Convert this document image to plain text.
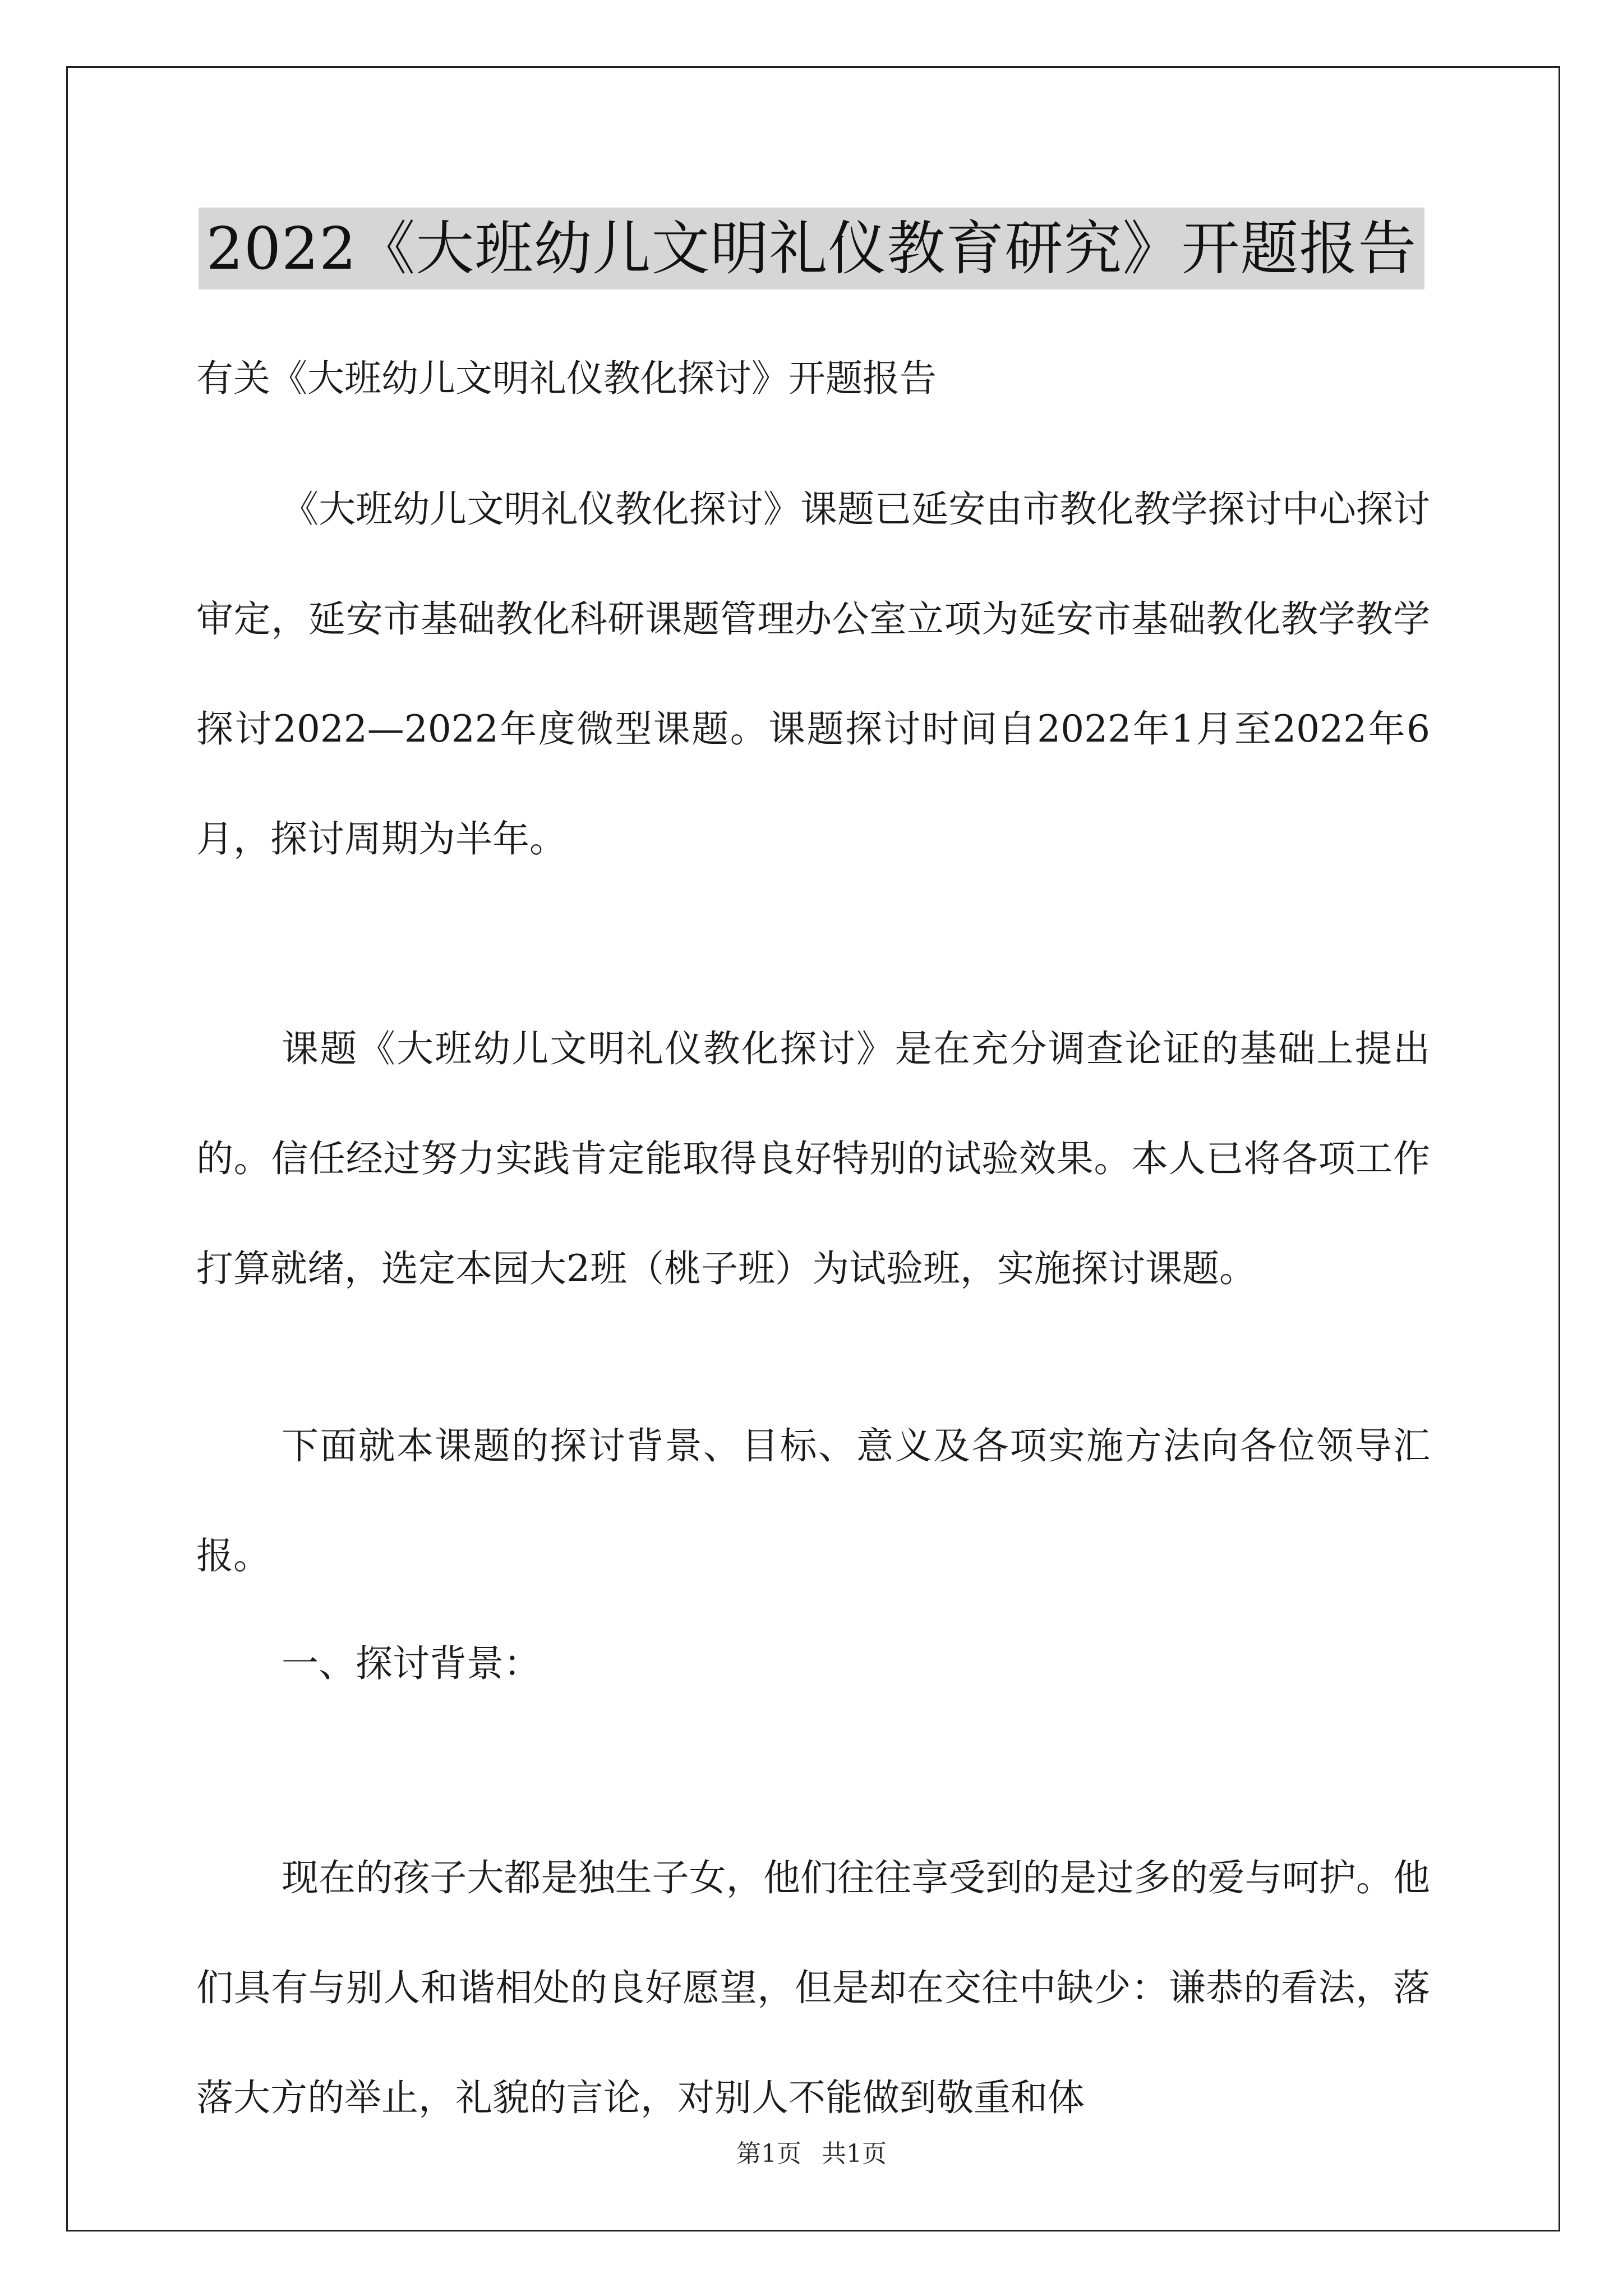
2022《大班幼儿文明礼仪教育研究》开题报告
有关《大班幼儿文明礼仪教化探讨》开题报告

《大班幼儿文明礼仪教化探讨》课题已延安由市教化教学探讨中心探讨审定，延安市基础教化科研课题管理办公室立项为延安市基础教化教学教学探讨2022—2022年度微型课题。课题探讨时间自2022年1月至2022年6月，探讨周期为半年。

课题《大班幼儿文明礼仪教化探讨》是在充分调查论证的基础上提出的。信任经过努力实践肯定能取得良好特别的试验效果。本人已将各项工作打算就绪，选定本园大2班（桃子班）为试验班，实施探讨课题。

下面就本课题的探讨背景、目标、意义及各项实施方法向各位领导汇报。

一、探讨背景：

现在的孩子大都是独生子女，他们往往享受到的是过多的爱与呵护。他们具有与别人和谐相处的良好愿望，但是却在交往中缺少：谦恭的看法，落落大方的举止，礼貌的言论，对别人不能做到敬重和体

第1页 共1页
